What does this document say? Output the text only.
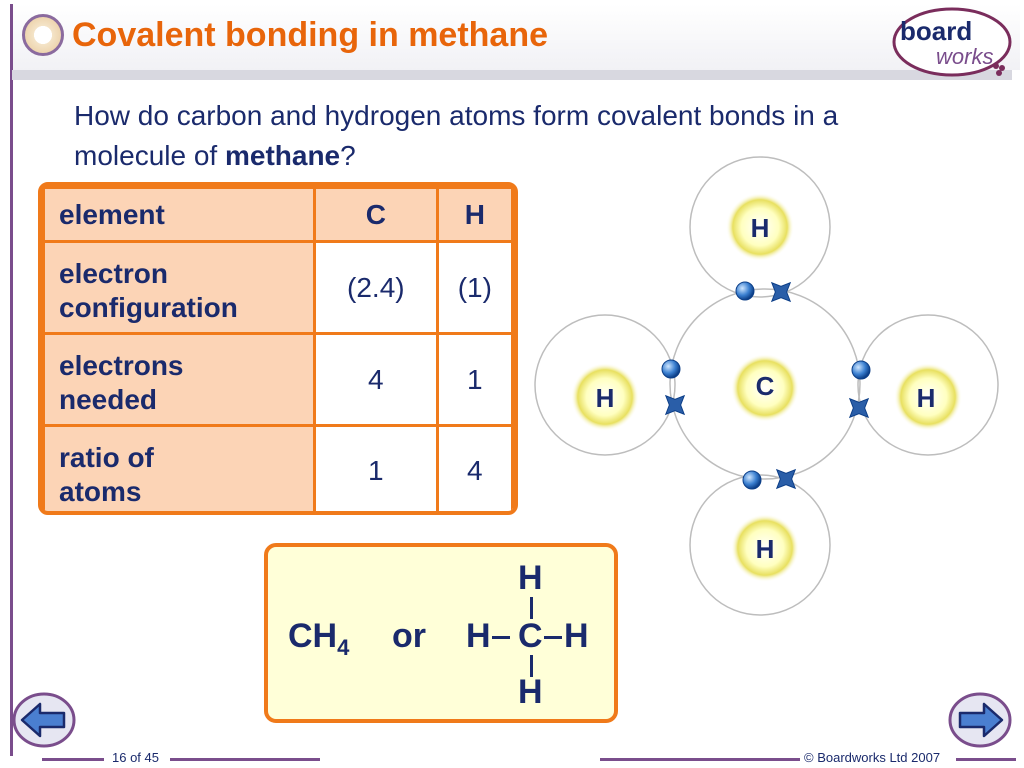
Covalent bonding in methane	board
works
How do carbon and hydrogen atoms form covalent bonds in a molecule of methane?
element	C	H

electron
configuration	(2.4)	(1)

electrons
needed	4	1

ratio of
atoms	1	4
$CH_4$ or
H
H C H
H
H
H	H
C
H
16 of 45	© Boardworks Ltd 2007
